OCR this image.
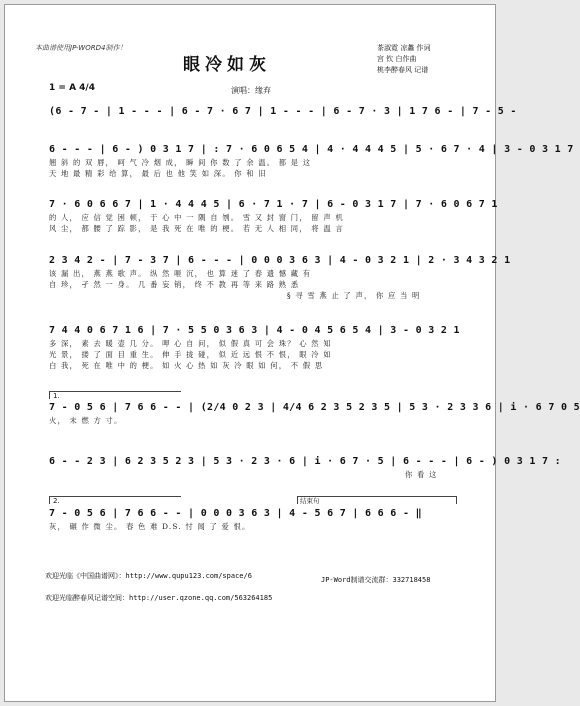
本曲谱使用JP-WORD4制作！
眼冷如灰
茶淑霓 凉蠡 作词
宫 钦 白作曲
桃李醉春风 记谱
1 = A 4/4	演唱：缘弃
(6 - 7 - | 1 - - - | 6 - 7 · 6 7 | 1 - - - | 6 - 7 · 3 | 1 7 6 - | 7 - 5 -
6 - - - | 6 - ) 0 3 1 7 | : 7 · 6 0 6 5 4 | 4 · 4 4 4 5 | 5 · 6 7 · 4 | 3 - 0 3 1 7
翘 斜 的 双 唇， 呵 气 冷 烟 成， 瞬 间 你 数 了 余 温。 都 是 这
天 地 最 精 彩 给 算， 最 后 也 他 笑 如 深。 你 和 旧
7 · 6 0 6 6 7 | 1 · 4 4 4 5 | 6 · 7 1 · 7 | 6 - 0 3 1 7 | 7 · 6 0 6 7 1
的 人， 应 信 觉 困 顿， 于 心 中 一 隅 自 刎。 雪 又 封 窗 门， 留 声 机
风 尘， 都 腰 了 踪 影， 是 我 死 在 唯 的 梗。 若 无 人 相 同， 将 温 言
2 3 4 2 - | 7 - 3 7 | 6 - - - | 0 0 0 3 6 3 | 4 - 0 3 2 1 | 2 · 3 4 3 2 1
该 漏 出， 燕 燕 歌 声。 纵 然 咂 沉， 也 算 迷 了 春 遗 憾 藏 有
自 珍， 孑 然 一 身。 几 番 妄 销， 终 不 教 再 等 来 路 熟 悉
§ 寻 雪 燕 止 了 声， 你 应 当 明
7 4 4 0 6 7 1 6 | 7 · 5 5 0 3 6 3 | 4 - 0 4 5 6 5 4 | 3 - 0 3 2 1
多 深， 素 去 暖 壶 几 分。 呷 心 自 问， 似 假 真 可 会 珠？ 心 然 知
光 景， 搂 了 面 目 重 生。 伸 手 拢 碰， 似 近 远 恨 不 恨， 眼 冷 如
白 我， 死 在 唯 中 的 梗。 如 火 心 热 如 灰 冷 眼 如 何， 不 假 思
1.
7 - 0 5 6 | 7 6 6 - - | (2/4 0 2 3 | 4/4 6 2 3 5 2 3 5 | 5 3 · 2 3 3 6 | i · 6 7 0 5
火， 未 燃 方 寸。
6 - - 2 3 | 6 2 3 5 2 3 | 5 3 · 2 3 · 6 | i · 6 7 · 5 | 6 - - - | 6 - ) 0 3 1 7 :
你 看 这
2.	结束句
7 - 0 5 6 | 7 6 6 - - | 0 0 0 3 6 3 | 4 - 5 6 7 | 6 6 6 - ‖
灰， 碾 作 微 尘。 春 色 难 D.S. 忖 闻 了 爱 恨。
欢迎光临《中国曲谱网》：http://www.qupu123.com/space/6	JP-Word制谱交流群：332718458
欢迎光临醉春风记谱空间：http://user.qzone.qq.com/563264185
